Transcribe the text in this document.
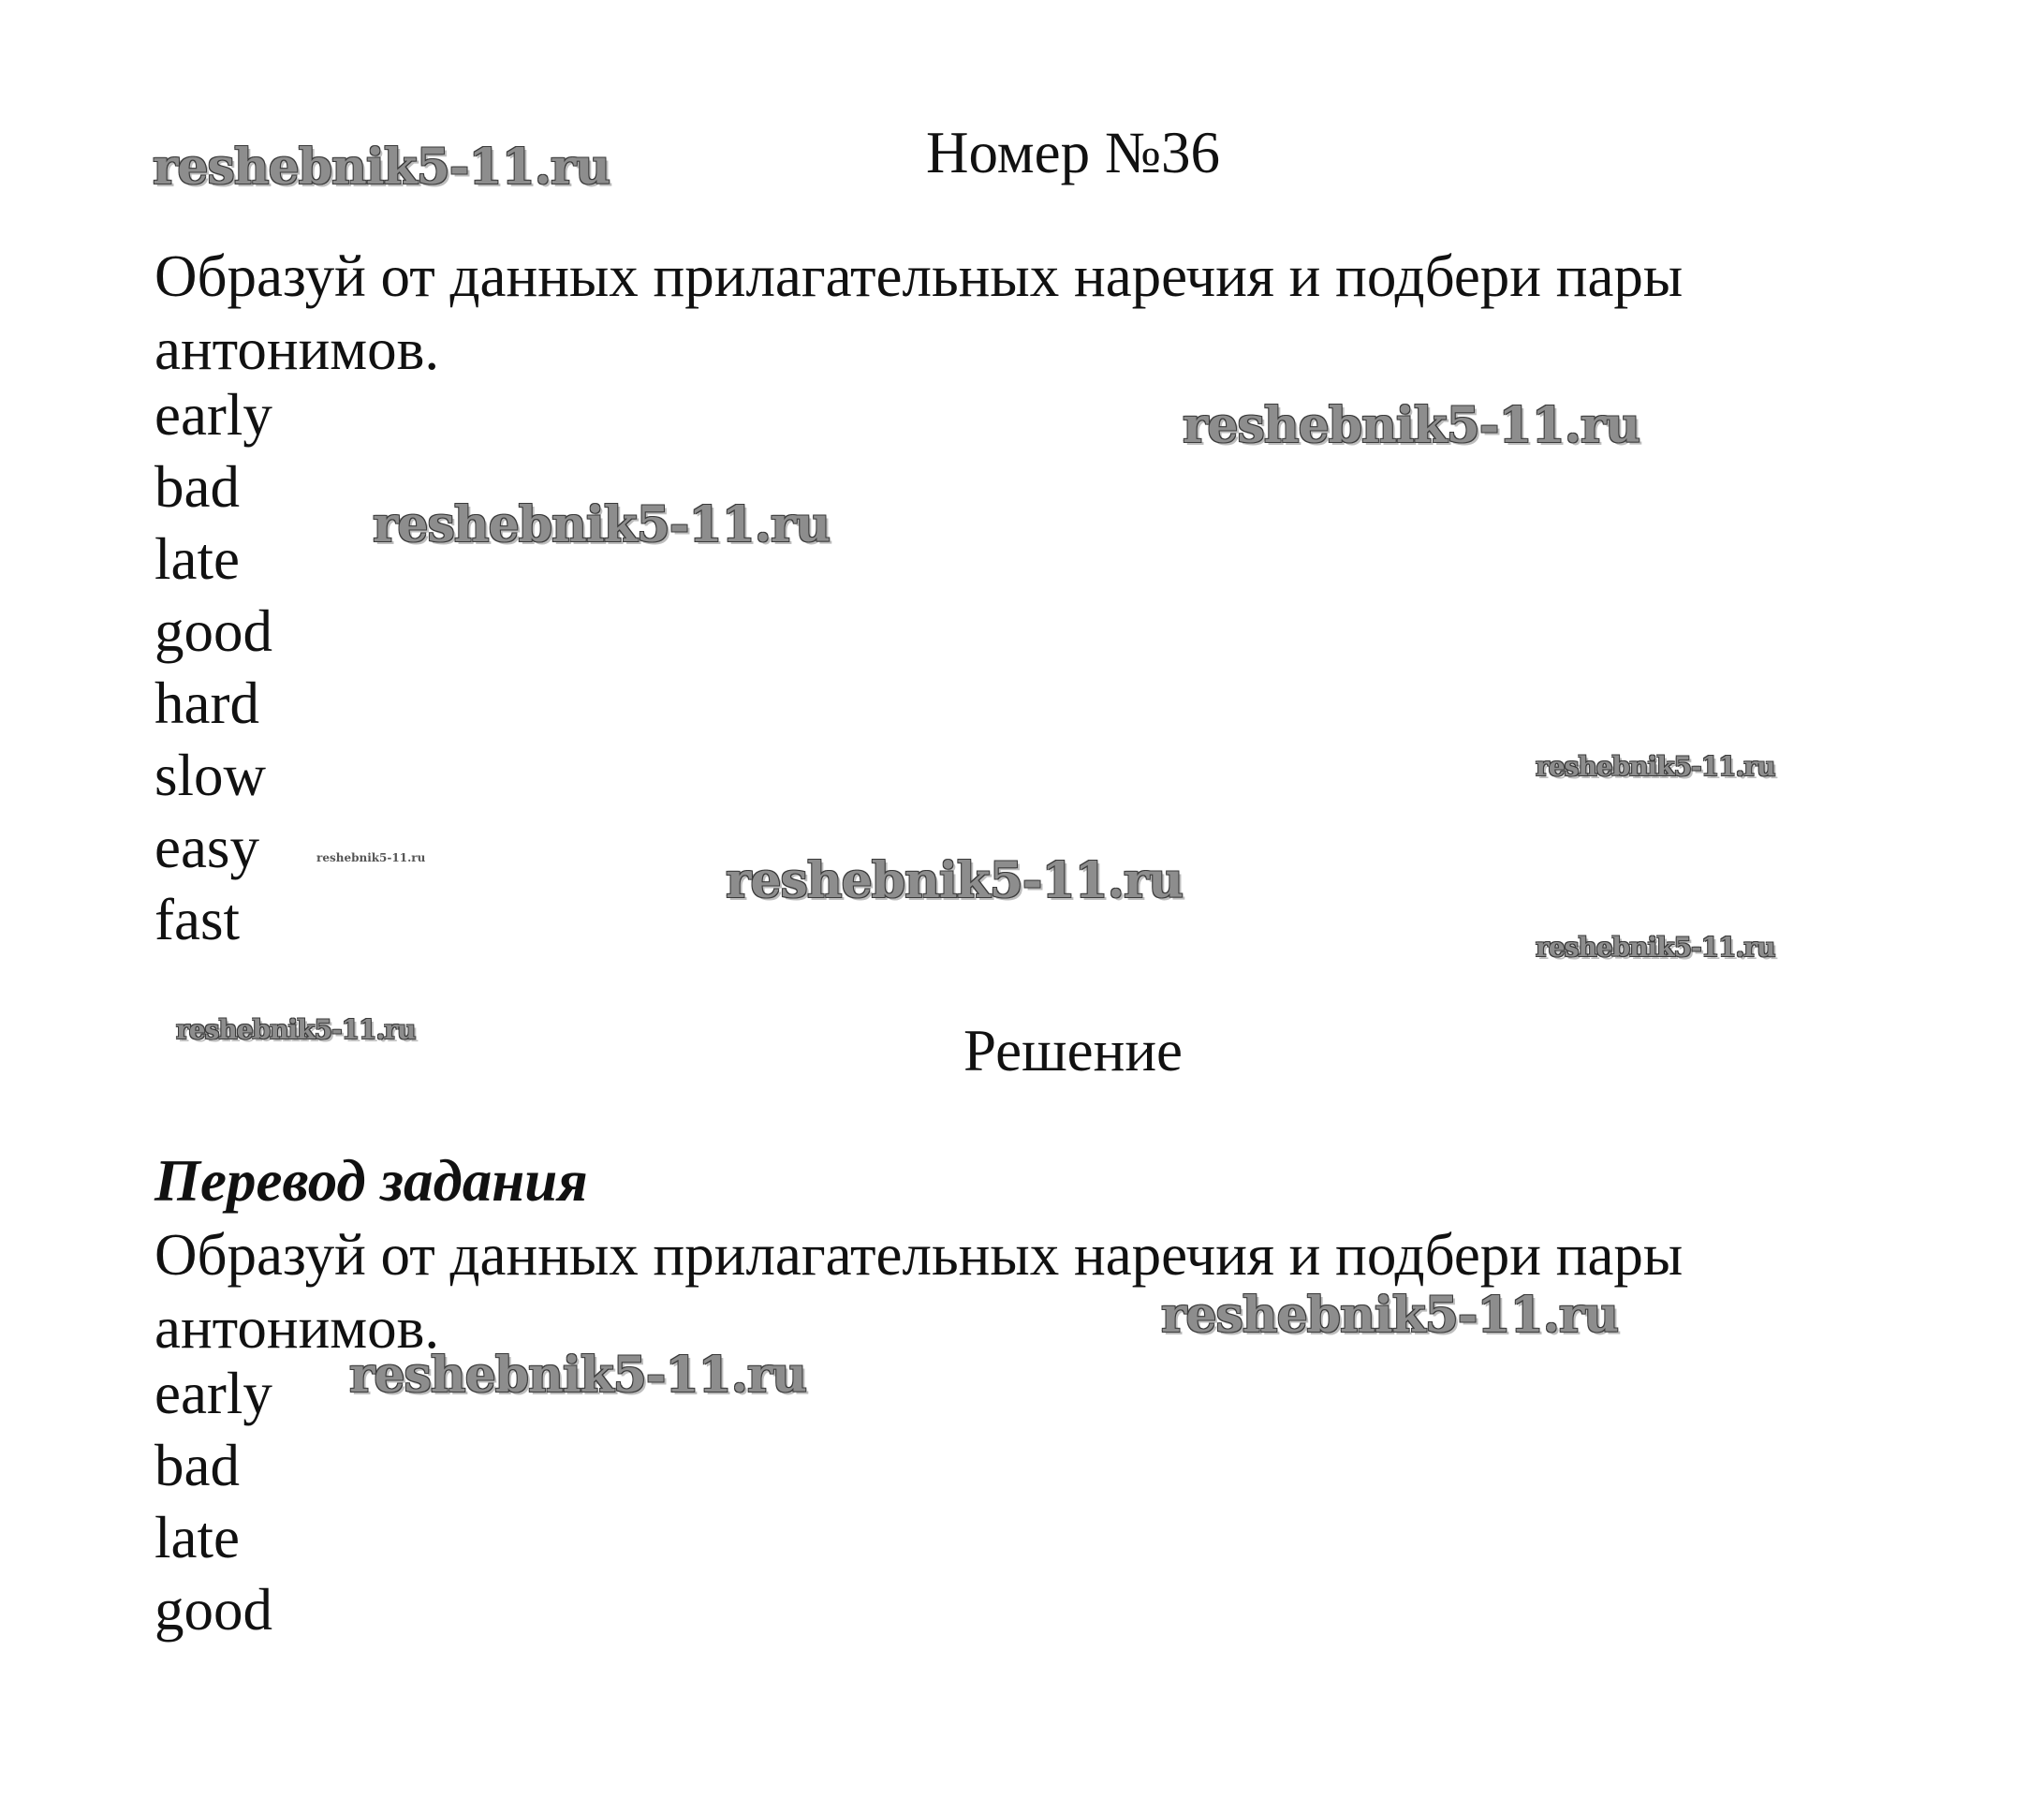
reshebnik5-11.ru
reshebnik5-11.ru
reshebnik5-11.ru
reshebnik5-11.ru
reshebnik5-11.ru	reshebnik5-11.ru
reshebnik5-11.ru
reshebnik5-11.ru
reshebnik5-11.ru
reshebnik5-11.ru
Номер №36
Образуй от данных прилагательных наречия и подбери пары антонимов.
early
bad
late
good
hard
slow
easy
fast
Решение
Перевод задания
Образуй от данных прилагательных наречия и подбери пары антонимов.
early
bad
late
good
